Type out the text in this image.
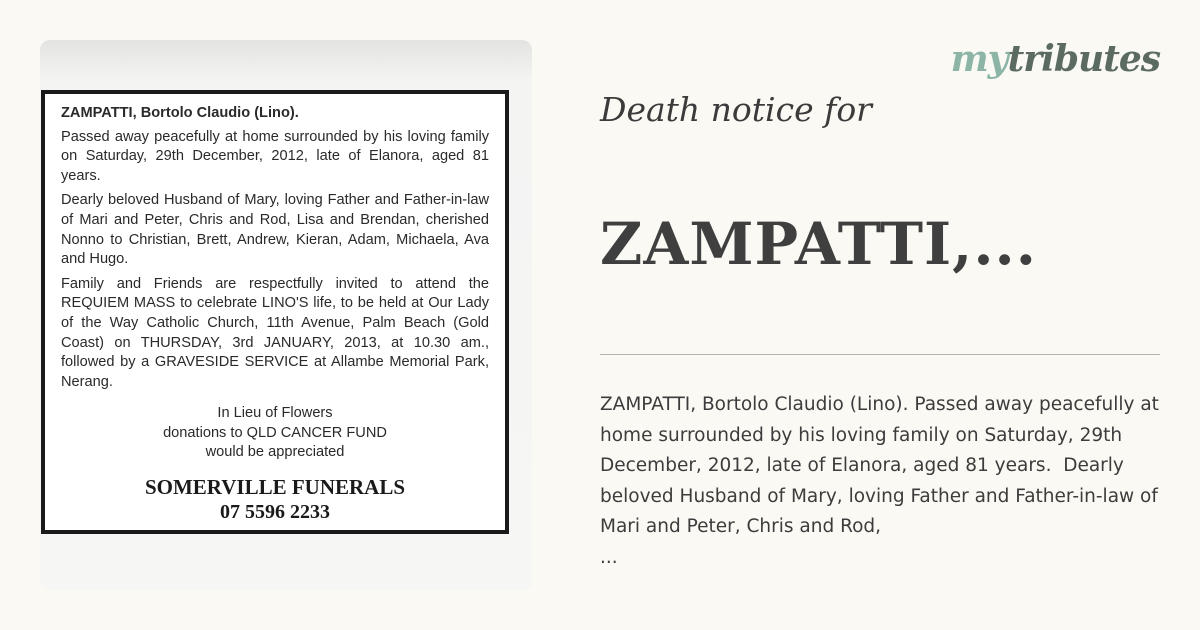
ZAMPATTI, Bortolo Claudio (Lino).

Passed away peacefully at home surrounded by his loving family on Saturday, 29th December, 2012, late of Elanora, aged 81 years.

Dearly beloved Husband of Mary, loving Father and Father-in-law of Mari and Peter, Chris and Rod, Lisa and Brendan, cherished Nonno to Christian, Brett, Andrew, Kieran, Adam, Michaela, Ava and Hugo.

Family and Friends are respectfully invited to attend the REQUIEM MASS to celebrate LINO'S life, to be held at Our Lady of the Way Catholic Church, 11th Avenue, Palm Beach (Gold Coast) on THURSDAY, 3rd JANUARY, 2013, at 10.30 am., followed by a GRAVESIDE SERVICE at Allambe Memorial Park, Nerang.

In Lieu of Flowers
donations to QLD CANCER FUND
would be appreciated
SOMERVILLE FUNERALS
07 5596 2233
mytributes
Death notice for
ZAMPATTI,...
ZAMPATTI, Bortolo Claudio (Lino). Passed away peacefully at home surrounded by his loving family on Saturday, 29th December, 2012, late of Elanora, aged 81 years.  Dearly beloved Husband of Mary, loving Father and Father-in-law of Mari and Peter, Chris and Rod,
...
